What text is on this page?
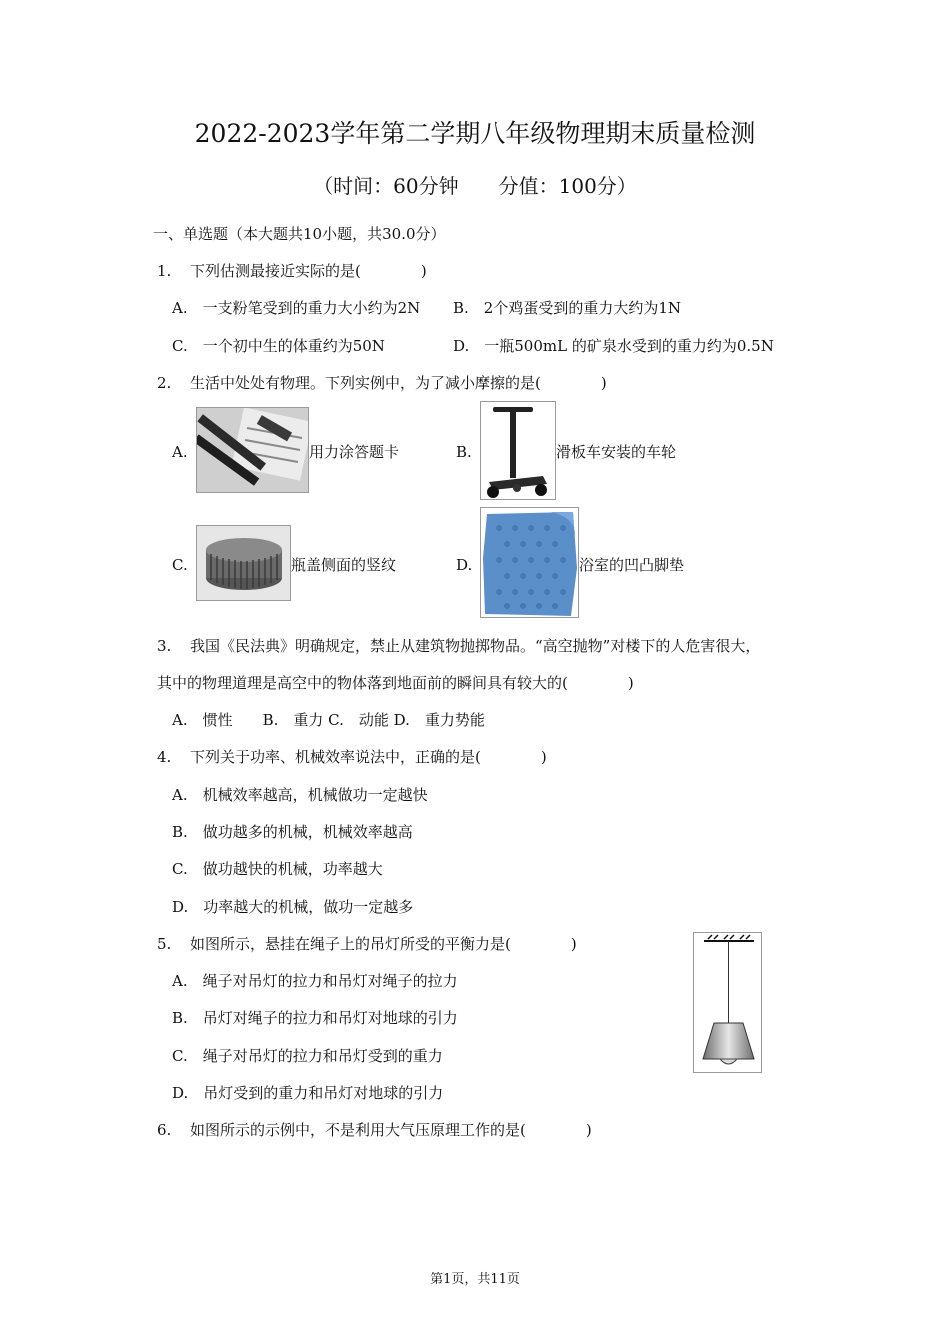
2022-2023学年第二学期八年级物理期末质量检测
（时间：60分钟　　分值：100分）
一、单选题（本大题共10小题，共30.0分）
1. 下列估测最接近实际的是(　　　　)
A.　一支粉笔受到的重力大小约为2N B.　2个鸡蛋受到的重力大约为1N
C.　一个初中生的体重约为50N	D.　一瓶500mL 的矿泉水受到的重力约为0.5N
2. 生活中处处有物理。下列实例中，为了减小摩擦的是(　　　　)
A.	用力涂答题卡	B.	滑板车安装的车轮
C.	瓶盖侧面的竖纹	D.	浴室的凹凸脚垫
3. 我国《民法典》明确规定，禁止从建筑物抛掷物品。“高空抛物”对楼下的人危害很大，
其中的物理道理是高空中的物体落到地面前的瞬间具有较大的(　　　　)
A.　惯性　　B.　重力 C.　动能 D.　重力势能
4. 下列关于功率、机械效率说法中，正确的是(　　　　)
A.　机械效率越高，机械做功一定越快
B.　做功越多的机械，机械效率越高
C.　做功越快的机械，功率越大
D.　功率越大的机械，做功一定越多
5. 如图所示，悬挂在绳子上的吊灯所受的平衡力是(　　　　)
A.　绳子对吊灯的拉力和吊灯对绳子的拉力
B.　吊灯对绳子的拉力和吊灯对地球的引力
C.　绳子对吊灯的拉力和吊灯受到的重力
D.　吊灯受到的重力和吊灯对地球的引力
6. 如图所示的示例中，不是利用大气压原理工作的是(　　　　)
第1页，共11页
